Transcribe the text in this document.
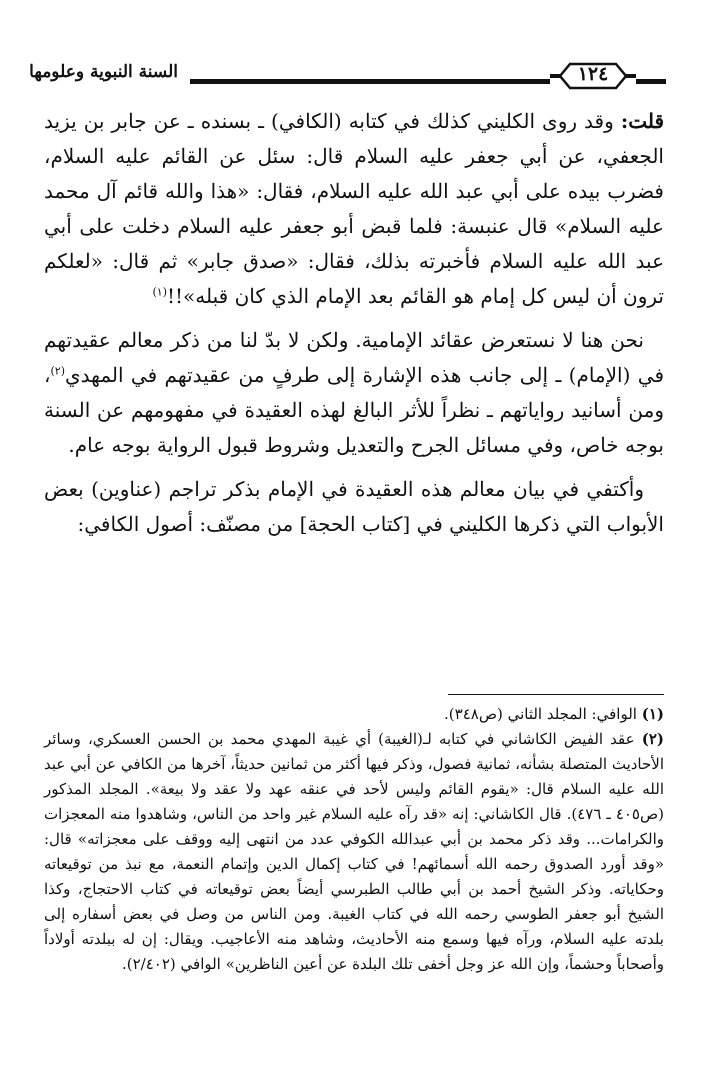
السنة النبوية وعلومها	١٢٤

قلت: وقد روى الكليني كذلك في كتابه (الكافي) ـ بسنده ـ عن جابر بن يزيد الجعفي، عن أبي جعفر عليه السلام قال: سئل عن القائم عليه السلام، فضرب بيده على أبي عبد الله عليه السلام، فقال: «هذا والله قائم آل محمد عليه السلام» قال عنبسة: فلما قبض أبو جعفر عليه السلام دخلت على أبي عبد الله عليه السلام فأخبرته بذلك، فقال: «صدق جابر» ثم قال: «لعلكم ترون أن ليس كل إمام هو القائم بعد الإمام الذي كان قبله»!!$^{(١)}$

نحن هنا لا نستعرض عقائد الإمامية. ولكن لا بدّ لنا من ذكر معالم عقيدتهم في (الإمام) ـ إلى جانب هذه الإشارة إلى طرفٍ من عقيدتهم في المهدي$^{(٢)}$، ومن أسانيد رواياتهم ـ نظراً للأثر البالغ لهذه العقيدة في مفهومهم عن السنة بوجه خاص، وفي مسائل الجرح والتعديل وشروط قبول الرواية بوجه عام.

وأكتفي في بيان معالم هذه العقيدة في الإمام بذكر تراجم (عناوين) بعض الأبواب التي ذكرها الكليني في [كتاب الحجة] من مصنّف: أصول الكافي:

(١) الوافي: المجلد الثاني (ص٣٤٨).

(٢) عقد الفيض الكاشاني في كتابه لـ(الغيبة) أي غيبة المهدي محمد بن الحسن العسكري، وسائر الأحاديث المتصلة بشأنه، ثمانية فصول، وذكر فيها أكثر من ثمانين حديثاً، آخرها من الكافي عن أبي عبد الله عليه السلام قال: «يقوم القائم وليس لأحد في عنقه عهد ولا عقد ولا بيعة». المجلد المذكور (ص٤٠٥ ـ ٤٧٦). قال الكاشاني: إنه «قد رآه عليه السلام غير واحد من الناس، وشاهدوا منه المعجزات والكرامات... وقد ذكر محمد بن أبي عبدالله الكوفي عدد من انتهى إليه ووقف على معجزاته» قال: «وقد أورد الصدوق رحمه الله أسمائهم! في كتاب إكمال الدين وإتمام النعمة، مع نبذ من توقيعاته وحكاياته. وذكر الشيخ أحمد بن أبي طالب الطبرسي أيضاً بعض توقيعاته في كتاب الاحتجاج، وكذا الشيخ أبو جعفر الطوسي رحمه الله في كتاب الغيبة. ومن الناس من وصل في بعض أسفاره إلى بلدته عليه السلام، ورآه فيها وسمع منه الأحاديث، وشاهد منه الأعاجيب. ويقال: إن له ببلدته أولاداً وأصحاباً وحشماً، وإن الله عز وجل أخفى تلك البلدة عن أعين الناظرين» الوافي (٢/٤٠٢).
